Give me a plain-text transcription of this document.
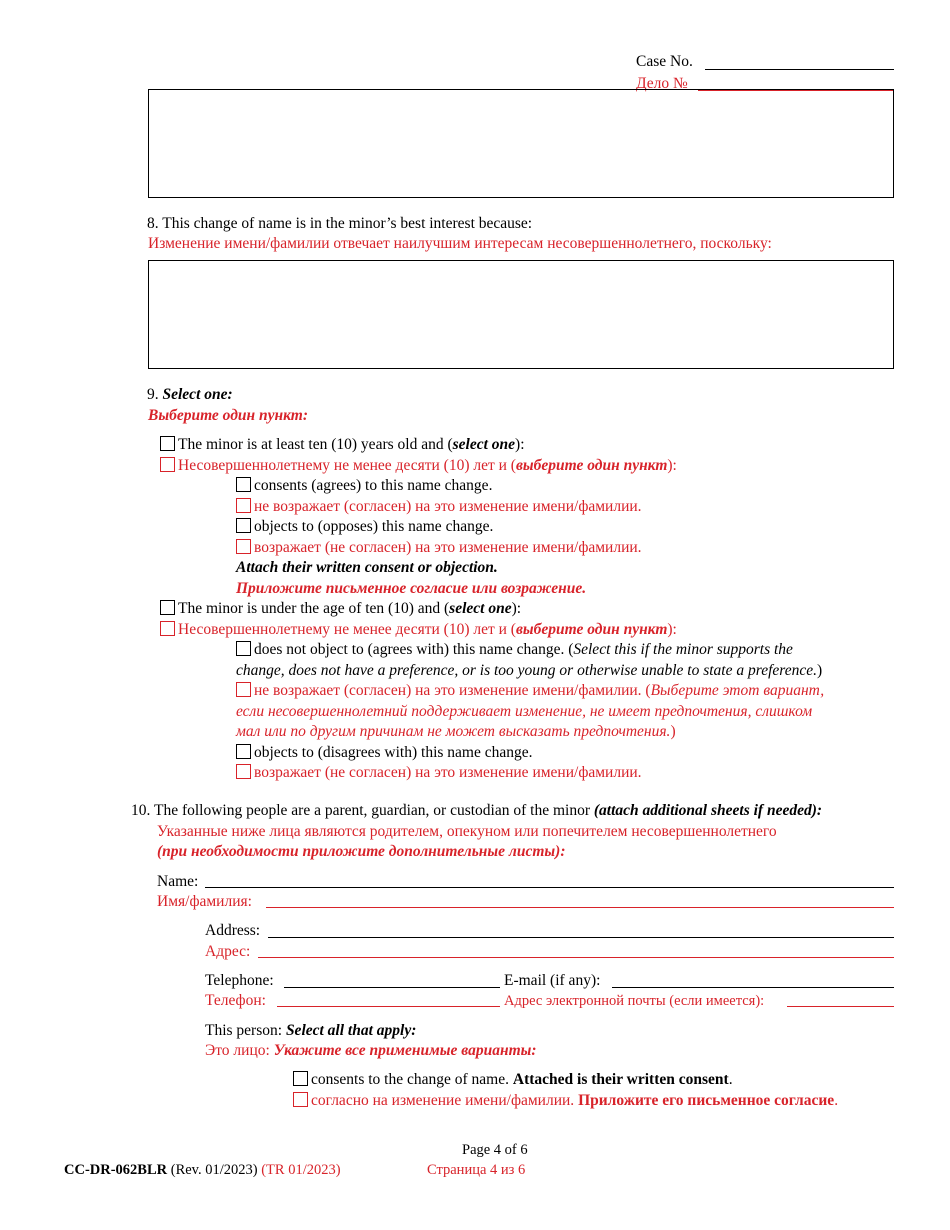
Case No.
Дело №
8. This change of name is in the minor’s best interest because:
Изменение имени/фамилии отвечает наилучшим интересам несовершеннолетнего, поскольку:
9. Select one:
Выберите один пункт:
The minor is at least ten (10) years old and (select one):
Несовершеннолетнему не менее десяти (10) лет и (выберите один пункт):
consents (agrees) to this name change.
не возражает (согласен) на это изменение имени/фамилии.
objects to (opposes) this name change.
возражает (не согласен) на это изменение имени/фамилии.
Attach their written consent or objection.
Приложите письменное согласие или возражение.
The minor is under the age of ten (10) and (select one):
Несовершеннолетнему не менее десяти (10) лет и (выберите один пункт):
does not object to (agrees with) this name change. (Select this if the minor supports the
change, does not have a preference, or is too young or otherwise unable to state a preference.)
не возражает (согласен) на это изменение имени/фамилии. (Выберите этот вариант,
если несовершеннолетний поддерживает изменение, не имеет предпочтения, слишком
мал или по другим причинам не может высказать предпочтения.)
objects to (disagrees with) this name change.
возражает (не согласен) на это изменение имени/фамилии.
10. The following people are a parent, guardian, or custodian of the minor (attach additional sheets if needed):
Указанные ниже лица являются родителем, опекуном или попечителем несовершеннолетнего
(при необходимости приложите дополнительные листы):
Name:
Имя/фамилия:
Address:
Адрес:
Telephone:	E-mail (if any):
Телефон:	Адрес электронной почты (если имеется):
This person: Select all that apply:
Это лицо: Укажите все применимые варианты:
consents to the change of name. Attached is their written consent.
согласно на изменение имени/фамилии. Приложите его письменное согласие.
Page 4 of 6
Страница 4 из 6
CC-DR-062BLR (Rev. 01/2023) (TR 01/2023)
